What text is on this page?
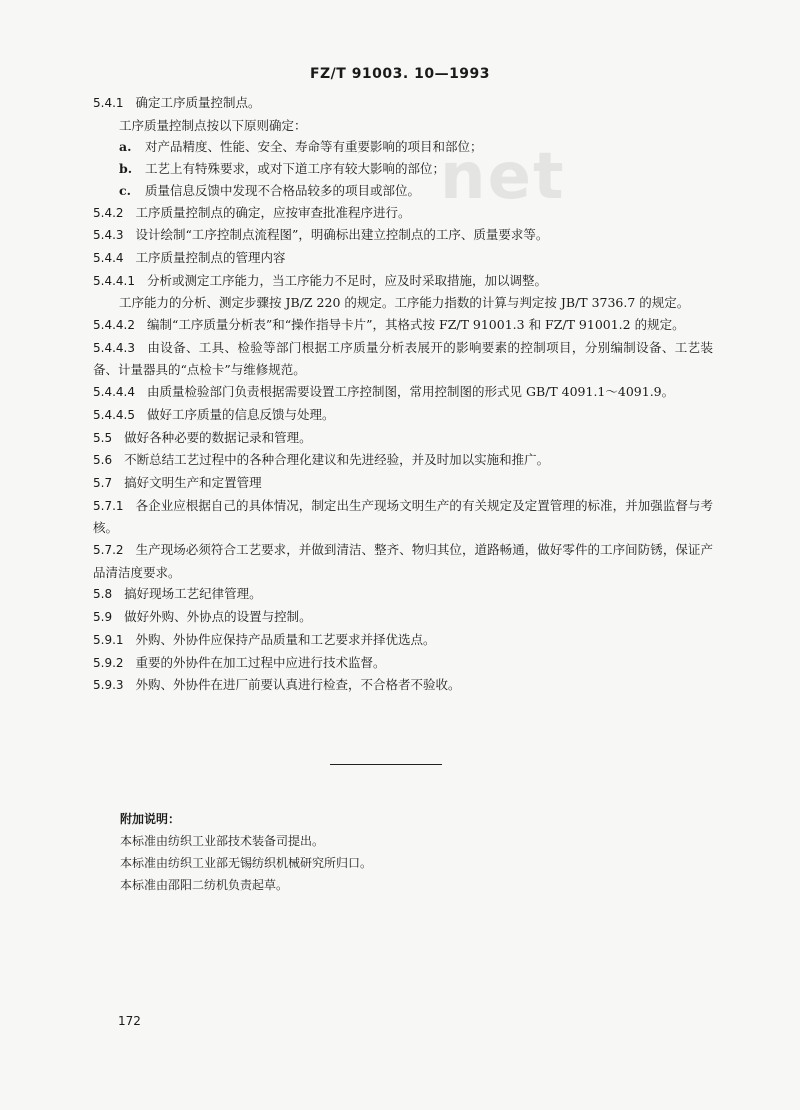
net
FZ/T 91003. 10—1993
5.4.1 确定工序质量控制点。
工序质量控制点按以下原则确定：
a. 对产品精度、性能、安全、寿命等有重要影响的项目和部位；
b. 工艺上有特殊要求，或对下道工序有较大影响的部位；
c. 质量信息反馈中发现不合格品较多的项目或部位。
5.4.2 工序质量控制点的确定，应按审查批准程序进行。
5.4.3 设计绘制“工序控制点流程图”，明确标出建立控制点的工序、质量要求等。
5.4.4 工序质量控制点的管理内容
5.4.4.1 分析或测定工序能力，当工序能力不足时，应及时采取措施，加以调整。
工序能力的分析、测定步骤按 JB/Z 220 的规定。工序能力指数的计算与判定按 JB/T 3736.7 的规定。
5.4.4.2 编制“工序质量分析表”和“操作指导卡片”，其格式按 FZ/T 91001.3 和 FZ/T 91001.2 的规定。
5.4.4.3 由设备、工具、检验等部门根据工序质量分析表展开的影响要素的控制项目，分别编制设备、工艺装备、计量器具的“点检卡”与维修规范。
5.4.4.4 由质量检验部门负责根据需要设置工序控制图，常用控制图的形式见 GB/T 4091.1～4091.9。
5.4.4.5 做好工序质量的信息反馈与处理。
5.5 做好各种必要的数据记录和管理。
5.6 不断总结工艺过程中的各种合理化建议和先进经验，并及时加以实施和推广。
5.7 搞好文明生产和定置管理
5.7.1 各企业应根据自己的具体情况，制定出生产现场文明生产的有关规定及定置管理的标准，并加强监督与考核。
5.7.2 生产现场必须符合工艺要求，并做到清洁、整齐、物归其位，道路畅通，做好零件的工序间防锈，保证产品清洁度要求。
5.8 搞好现场工艺纪律管理。
5.9 做好外购、外协点的设置与控制。
5.9.1 外购、外协件应保持产品质量和工艺要求并择优选点。
5.9.2 重要的外协件在加工过程中应进行技术监督。
5.9.3 外购、外协件在进厂前要认真进行检查，不合格者不验收。
附加说明：
本标准由纺织工业部技术装备司提出。
本标准由纺织工业部无锡纺织机械研究所归口。
本标准由邵阳二纺机负责起草。
172
